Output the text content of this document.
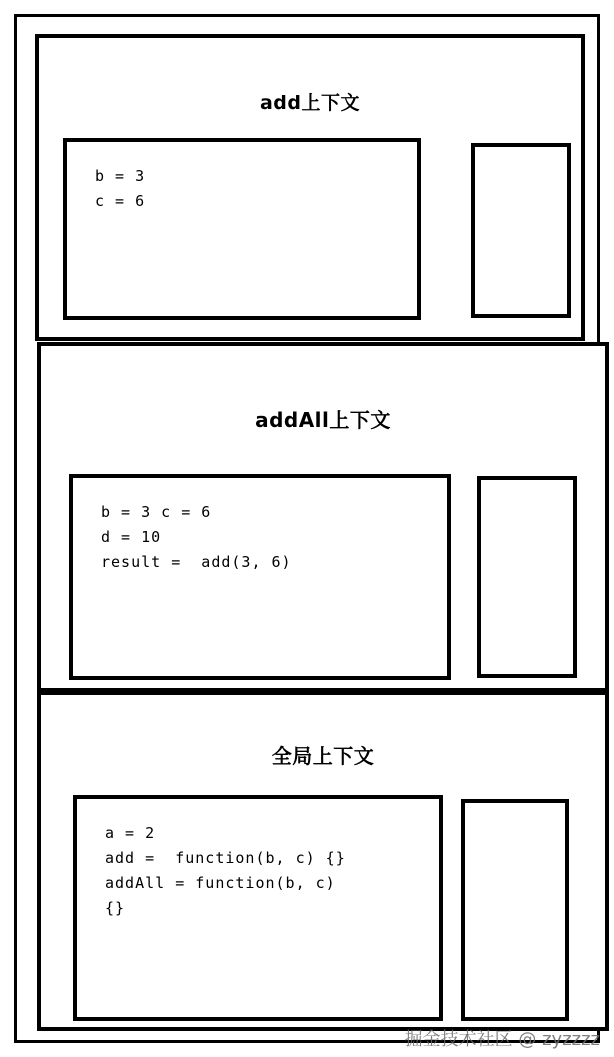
add上下文
b = 3
c = 6
addAll上下文
b = 3 c = 6
d = 10
result =  add(3, 6)
全局上下文
a = 2
add =  function(b, c) {}
addAll = function(b, c)
{}
掘金技术社区 @ zyzzzz
